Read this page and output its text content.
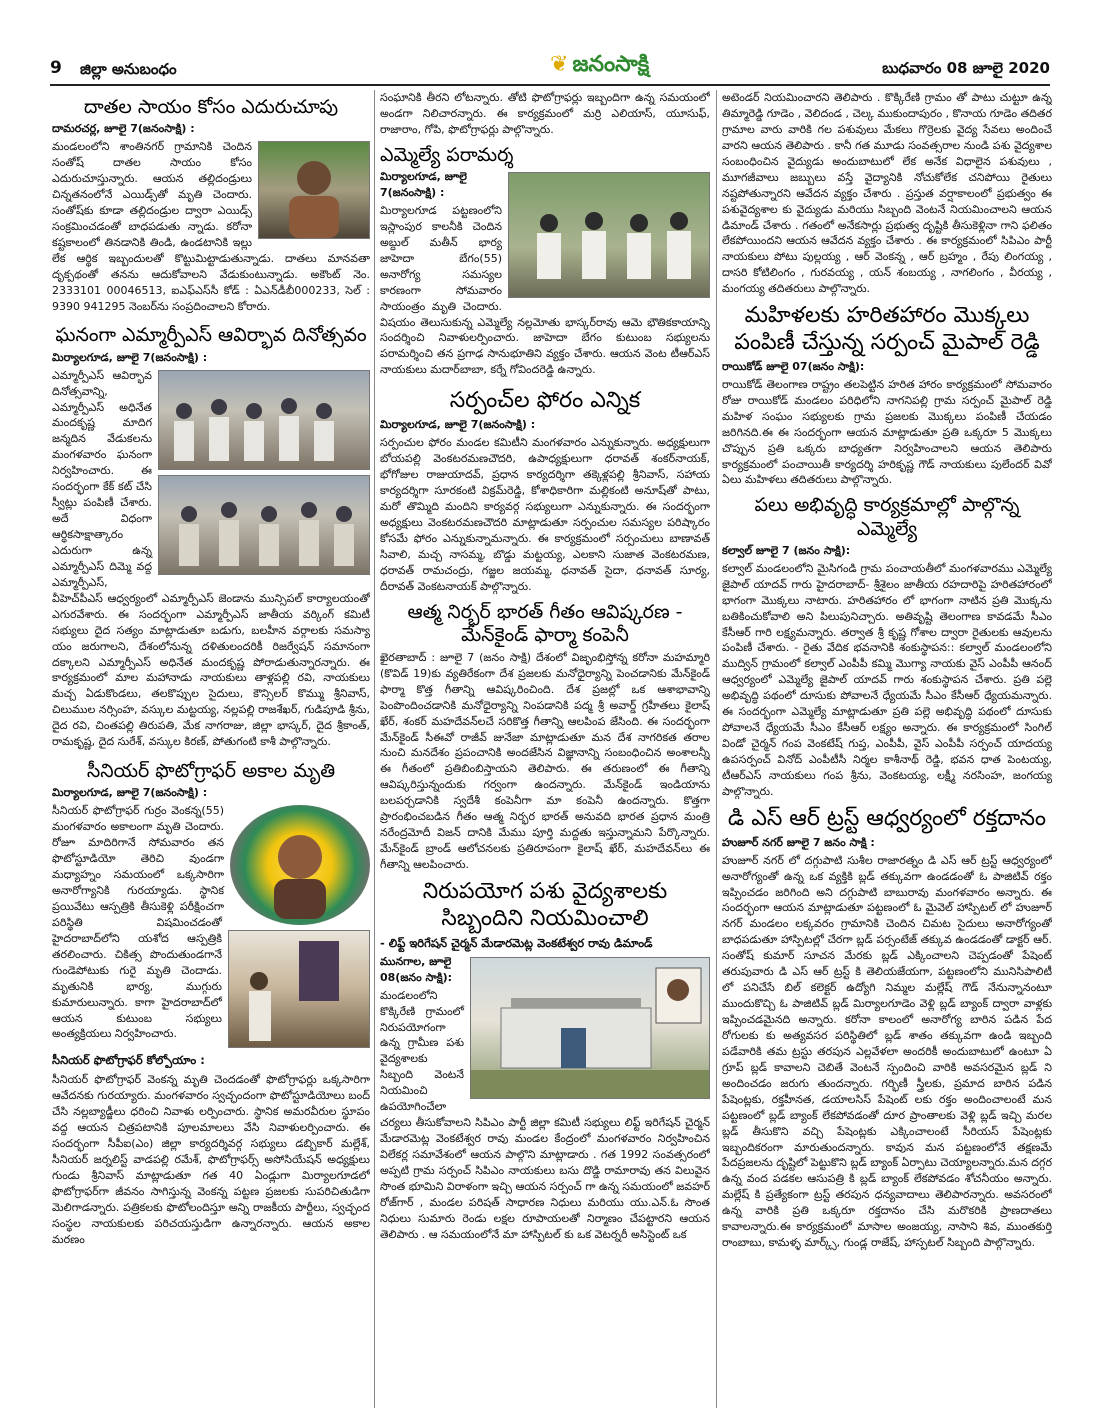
9 జిల్లా అనుబంధం	❦ జనంసాక్షి	బుధవారం 08 జూలై 2020
దాతల సాయం కోసం ఎదురుచూపు
దామరచర్ల, జూలై 7(జనంసాక్షి) :

మండలంలోని శాంతినగర్ గ్రామానికి చెందిన సంతోష్ దాతల సాయం కోసం ఎదురుచూస్తున్నారు. ఆయన తల్లిదండ్రులు చిన్నతనంలోనే ఎయిడ్స్‌తో మృతి చెందారు. సంతోష్‌కు కూడా తల్లిదండ్రుల ద్వారా ఎయిడ్స్ సంక్రమించడంతో బాధపడుతు న్నాడు. కరోనా కష్టకాలంలో తినడానికి తిండి, ఉండటానికి ఇల్లు లేక ఆర్థిక ఇబ్బందులతో కొట్టుమిట్టాడుతున్నాడు. దాతలు మానవతా దృక్పథంతో తనను ఆదుకోవాలని వేడుకుంటున్నాడు. అకౌంట్ నెం. 2333101 00046513, ఐఎఫ్ఎస్‌సీ కోడ్ : ఏఎన్‌డీబీ000233, సెల్ : 9390 941295 నెంబర్‌ను సంప్రదించాలని కోరారు.

ఘనంగా ఎమ్మార్పీఎస్ ఆవిర్భావ దినోత్సవం
మిర్యాలగూడ, జూలై 7(జనంసాక్షి) :

ఎమ్మార్పీఎస్ ఆవిర్భావ దినోత్సవాన్ని, ఎమ్మార్పీఎస్ అధినేత మందకృష్ణ మాదిగ జన్మదిన వేడుకలను మంగళవారం ఘనంగా నిర్వహించారు. ఈ సందర్భంగా కేక్ కట్ చేసి స్వీట్లు పంపిణీ చేశారు. అదే విధంగా ఆర్థికసాక్షాత్కారం ఎదురుగా ఉన్న ఎమ్మార్పీఎస్ దిమ్మె వద్ద ఎమ్మార్పీఎస్, వీహెచ్‌పీఎస్ ఆధ్వర్యంలో ఎమ్మార్పీఎస్ జెండాను మున్సిపల్ కార్యాలయంతో ఎగురవేశారు. ఈ సందర్భంగా ఎమ్మార్పీఎస్ జాతీయ వర్కింగ్ కమిటీ సభ్యులు దైద సత్యం మాట్లాడుతూ బడుగు, బలహీన వర్గాలకు సమస్యా యం జరుగాలని, దేశంలోనున్న దళితులందరికీ రిజర్వేషన్ సమానంగా దక్కాలని ఎమ్మార్పీఎస్ అధినేత మందకృష్ణ పోరాడుతున్నారన్నారు. ఈ కార్యక్రమంలో మాల మహానాడు నాయకులు తాళ్లపల్లి రవి, నాయకులు మచ్చ ఏడుకొండలు, తలకొప్పుల సైదులు, కౌన్సిలర్ కొమ్ము శ్రీనివాస్, చిలుముల నర్సింహ, వస్కుల మట్టయ్య, నల్లపల్లి రాజశేఖర్, గుడిపూడి శ్రీను, దైద రవి, చింతపల్లి తిరుపతి, మేక నాగరాజు, జిల్లా భాస్కర్, దైద శ్రీకాంత్, రామకృష్ణ, దైద సురేశ్, వస్కుల కిరణ్, పోతుగంటి కాశీ పాల్గొన్నారు.

సీనియర్ ఫొటోగ్రాఫర్ అకాల మృతి
మిర్యాలగూడ, జూలై 7(జనంసాక్షి) :

సీనియర్ ఫొటోగ్రాఫర్ గుర్రం వెంకన్న(55) మంగళవారం అకాలంగా మృతి చెందారు. రోజూ మాదిరిగానే సోమవారం తన ఫొటోస్టూడియో తెరిచి వుండగా మధ్యాహ్నం సమయంలో ఒక్కసారిగా అనారోగ్యానికి గురయ్యాడు. స్థానిక ప్రయివేటు ఆస్పత్రికి తీసుకెళ్లి పరీక్షించగా పరిస్థితి విషమించడంతో హైదరాబాద్‌లోని యశోద ఆస్పత్రికి తరలించారు. చికిత్స పొందుతుండగానే గుండెపోటుకు గురై మృతి చెందాడు. మృతునికి భార్య, ముగ్గురు కుమారులున్నారు. కాగా హైదరాబాద్‌లో ఆయన కుటుంబ సభ్యులు అంత్యక్రియలు నిర్వహించారు.

సీనియర్ ఫొటోగ్రాఫర్ కోల్పోయాం :

సీనియర్ ఫొటోగ్రాఫర్ వెంకన్న మృతి చెందడంతో ఫొటోగ్రాఫర్లు ఒక్కసారిగా ఆవేదనకు గురయ్యారు. మంగళవారం స్వచ్ఛందంగా ఫొటోస్టూడియోలు బంద్ చేసి నల్లబ్యాడ్జీలు ధరించి నివాళు లర్పించారు. స్థానిక అమరవీరుల స్థూపం వద్ద ఆయన చిత్రపటానికి పూలమాలలు వేసి నివాళులర్పించారు. ఈ సందర్భంగా సీపీఐ(ఎం) జిల్లా కార్యదర్శివర్గ సభ్యులు డబ్బికార్ మల్లేశ్, సీనియర్ జర్నలిస్ట్ వాడపల్లి రమేశ్, ఫొటోగ్రాఫర్స్ అసోసియేషన్ అధ్యక్షులు గుండు శ్రీనివాస్ మాట్లాడుతూ గత 40 ఏండ్లుగా మిర్యాలగూడలో ఫొటోగ్రాఫర్‌గా జీవనం సాగిస్తున్న వెంకన్న పట్టణ ప్రజలకు సుపరిచితుడిగా మెలిగాడన్నారు. పత్రికలకు ఫొటోలందిస్తూ అన్ని రాజకీయ పార్టీలు, స్వచ్ఛంద సంస్థల నాయకులకు పరిచయస్తుడిగా ఉన్నారన్నారు. ఆయన అకాల మరణం

సంఘానికి తీరని లోటన్నారు. తోటి ఫొటోగ్రాఫర్లు ఇబ్బందిగా ఉన్న సమయంలో అండగా నిలిచారన్నారు. ఈ కార్యక్రమంలో మర్రి ఎలియాస్, యూసుఫ్, రాజారాం, గోపి, ఫొటోగ్రాఫర్లు పాల్గొన్నారు.

ఎమ్మెల్యే పరామర్శ
మిర్యాలగూడ, జూలై 7(జనంసాక్షి) :

మిర్యాలగూడ పట్టణంలోని ఇస్లాంపుర కాలనీకి చెందిన అబ్దుల్ మతీన్ భార్య జాహెదా బేగం(55) అనారోగ్య సమస్యల కారణంగా సోమవారం సాయంత్రం మృతి చెందారు. విషయం తెలుసుకున్న ఎమ్మెల్యే నల్లమోతు భాస్కర్‌రావు ఆమె భౌతికకాయాన్ని సందర్శించి నివాళులర్పించారు. జాహెదా బేగం కుటుంబ సభ్యులను పరామర్శించి తన ప్రగాఢ సానుభూతిని వ్యక్తం చేశారు. ఆయన వెంట టీఆర్ఎస్ నాయకులు మదార్‌బాబా, కర్నే గోవిందరెడ్డి ఉన్నారు.

సర్పంచ్‌ల ఫోరం ఎన్నిక
మిర్యాలగూడ, జూలై 7(జనంసాక్షి) :

సర్పంచుల ఫోరం మండల కమిటీని మంగళవారం ఎన్నుకున్నారు. అధ్యక్షులుగా బోయపల్లి వెంకటరమణచౌదరి, ఉపాధ్యక్షులుగా ధరావత్ శంకర్‌నాయక్, భోగోజుల రాజుయాదవ్, ప్రధాన కార్యదర్శిగా తక్కెళ్లపల్లి శ్రీనివాస్, సహాయ కార్యదర్శిగా సూరకంటి విక్రమ్‌రెడ్డి, కోశాధికారిగా మల్లికంటి అనూష్‌తో పాటు, మరో తొమ్మిది మందిని కార్యవర్గ సభ్యులుగా ఎన్నుకున్నారు. ఈ సందర్భంగా అధ్యక్షులు వెంకటరమణచౌదరి మాట్లాడుతూ సర్పంచుల సమస్యల పరిష్కారం కోసమే ఫోరం ఎన్నుకున్నామన్నారు. ఈ కార్యక్రమంలో సర్పంచులు బాణావత్ సివాలి, మచ్చ నాసమ్మ, బొడ్డు మట్టయ్య, ఎలకాని సుజాత వెంకటరమణ, ధరావత్ రామచంద్రు, గజ్జల జయమ్మ, ధనావత్ సైదా, ధనావత్ సూర్య, దీరావత్ వెంకటనాయక్ పాల్గొన్నారు.

ఆత్మ నిర్భర్ భారత్ గీతం ఆవిష్కరణ - మేన్‌కైండ్ ఫార్మా కంపెనీ

ఖైరతాబాద్ : జూలై 7 (జనం సాక్షి) దేశంలో విజృంభిస్తోన్న కరోనా మహమ్మారి (కొవిడ్ 19)కు వ్యతిరేకంగా దేశ ప్రజలకు మనోధైర్యాన్ని పెంచడానికు మేన్‌కైండ్ ఫార్మా కొత్త గీతాన్ని ఆవిష్కరించింది. దేశ ప్రజల్లో ఒక ఆశాభావాన్ని పెంపొందించడానికి మనోధైర్యాన్ని నింపడానికి పద్మ శ్రీ అవార్డ్ గ్రహీతలు కైలాష్ ఖేర్, శంకర్ మహదేవన్‌లచే సరికొత్త గీతాన్ని ఆలపింప జేసింది. ఈ సందర్భంగా మేన్‌కైండ్ సీఈవో రాజీవ్ జునేజా మాట్లాడుతూ మన దేశ నాగరికత తరాల నుంచి మనదేశం ప్రపంచానికి అందజేసిన విజ్ఞానాన్ని సంబంధించిన అంశాలన్నీ ఈ గీతంలో ప్రతిబింబిస్తాయని తెలిపారు. ఈ తరుణంలో ఈ గీతాన్ని ఆవిష్కరిస్తున్నందుకు గర్వంగా ఉందన్నారు. మేన్‌కైండ్ ఇండియాను బలపర్చడానికి స్వదేశీ కంపెనీగా మా కంపెనీ ఉందన్నారు. కొత్తగా ప్రారంభించబడిన గీతం ఆత్మ నిర్భర భారత్ అనువది భారత ప్రధాన మంత్రి నరేంద్రమోదీ విజన్ దానికి మేము పూర్తి మద్దతు ఇస్తున్నామని పేర్కొన్నారు. మేన్‌కైండ్ బ్రాండ్ ఆలోచనలకు ప్రతిరూపంగా కైలాష్ ఖేర్, మహదేవన్‌లు ఈ గీతాన్ని ఆలపించారు.

నిరుపయోగ పశు వైద్యశాలకు సిబ్బందిని నియమించాలి
- లిఫ్ట్ ఇరిగేషన్ చైర్మన్ మేడారమెట్ల వెంకటేశ్వర రావు డిమాండ్
మునగాల, జూలై 08(జనం సాక్షి):

మండలంలోని కొక్కిరేణి గ్రామంలో నిరుపయోగంగా ఉన్న గ్రామీణ పశు వైద్యశాలకు సిబ్బంది వెంటనే నియమించి ఉపయోగించేలా చర్యలు తీసుకోవాలని సిపిఎం పార్టీ జిల్లా కమిటీ సభ్యులు లిఫ్ట్ ఇరిగేషన్ చైర్మన్ మేడారమెట్ల వెంకటేశ్వర రావు మండల కేంద్రంలో మంగళవారం నిర్వహించిన విలేకర్ల సమావేశంలో ఆయన పాల్గొని మాట్లాడారు . గత 1992 సంవత్సరంలో అప్పటి గ్రామ సర్పంచ్ సిపిఎం నాయకులు బసు దొడ్డి రామారావు తన విలువైన సొంత భూమిని విరాళంగా ఇచ్చి ఆయన సర్పంచ్ గా ఉన్న సమయంలో జవహర్ రోజ్‌గార్ , మండల పరిషత్ సాధారణ నిధులు మరియు యు.ఎన్.ఓ సొంత నిధులు సుమారు రెండు లక్షల రూపాయలతో నిర్మాణం చేపట్టారని ఆయన తెలిపారు . ఆ సమయంలోనే మా హాస్పిటల్ కు ఒక వెటర్నరీ అసిస్టెంట్ ఒక

అటెండర్ నియమించారని తెలిపారు . కొక్కిరేణి గ్రామం తో పాటు చుట్టూ ఉన్న తిమ్మారెడ్డి గూడెం , వెలిదండ , చెల్క ముకుందాపురం , కొనాయ గూడెం తదితర గ్రామాల వారు వారికి గల పశువులు మేకలు గొర్రెలకు వైద్య సేవలు అందించే వారని ఆయన తెలిపారు . కానీ గత మూడు సంవత్సరాల నుండి పశు వైద్యశాల సంబంధించిన వైద్యుడు అందుబాటులో లేక అనేక విధాలైన పశువులు , మూగజీవాలు జబ్బులు వస్తే వైద్యానికి నోచుకోలేక చనిపోయి రైతులు నష్టపోతున్నారని ఆవేదన వ్యక్తం చేశారు . ప్రస్తుత వర్షాకాలంలో ప్రభుత్వం ఈ పశువైద్యశాల కు వైద్యుడు మరియు సిబ్బంది వెంటనే నియమించాలని ఆయన డిమాండ్ చేశారు . గతంలో అనేకసార్లు ప్రభుత్వ దృష్టికి తీసుకెళ్లినా గాని ఫలితం లేకపోయిందని ఆయన ఆవేదన వ్యక్తం చేశారు . ఈ కార్యక్రమంలో సిపిఎం పార్టీ నాయకులు పోటు పుల్లయ్య , ఆర్ వెంకన్న , ఆర్ బ్రహ్మం , రేపు లింగయ్య , దాసరి కోటిలింగం , గురవయ్య , యన్ శంబయ్య , నాగలింగం , వీరయ్య , మంగయ్య తదితరులు పాల్గొన్నారు.

మహిళలకు హరితహారం మొక్కలు పంపిణీ చేస్తున్న సర్పంచ్ మైపాల్ రెడ్డి
రాయికోడ్ జూలై 07(జనం సాక్షి):

రాయికోడ్ తెలంగాణ రాష్ట్రం తలపెట్టిన హరిత హారం కార్యక్రమంలో సోమవారం రోజు రాయికోడ్ మండలం పరిధిలోని నాగనిపల్లి గ్రామ సర్పంచ్ మైపాల్ రెడ్డి మహిళ సంఘం సభ్యులకు గ్రామ ప్రజలకు మొక్కలు పంపిణీ చేయడం జరిగినది.ఈ ఈ సందర్భంగా ఆయన మాట్లాడుతూ ప్రతి ఒక్కరూ 5 మొక్కలు చొప్పున ప్రతి ఒక్కరు బాధ్యతగా నిర్వహించాలని ఆయన తెలిపారు కార్యక్రమంలో పంచాయితీ కార్యదర్శి హరికృష్ణ గౌడ్ నాయకులు పులేందర్ వివో ఏలు మహిళలు తదితరులు పాల్గొన్నారు.

పలు అభివృద్ధి కార్యక్రమాల్లో పాల్గొన్న ఎమ్మెల్యే
కల్వాల్ జూలై 7 (జనం సాక్షి):

కల్వాల్ మండలంలోని మైసిగండి గ్రామ పంచాయతీలో మంగళవారము ఎమ్మెల్యే జైపాల్ యాదవ్ గారు హైదరాబాద్- శ్రీశైలం జాతీయ రహదారిపై హరితహారంలో భాగంగా మొక్కలు నాటారు. హరితహారం లో భాగంగా నాటిన ప్రతి మొక్కను బతికించుకోవాలి అని పిలుపునిచ్చారు. అతివృష్టి తెలంగాణ కావడమే సీఎం కేసీఆర్ గారి లక్ష్యమన్నారు. తర్వాత శ్రీ కృష్ణ గోశాల ద్వారా రైతులకు ఆవులను పంపిణీ చేశారు. - రైతు వేదిక భవనానికి శంకుస్థాపన:: కల్వాల్ మండలంలోని ముద్విన్ గ్రామంలో కల్వాల్ ఎంపీపీ కమ్మి మొగ్యా నాయకు వైస్ ఎంపీపీ ఆనంద్ ఆధ్వర్యంలో ఎమ్మెల్యే జైపాల్ యాదవ్ గారు శంకుస్థాపన చేశారు. ప్రతి పల్లె అభివృద్ధి పథంలో దూసుకు పోవాలనే ధ్యేయమే సీఎం కేసీఆర్ ధ్యేయమన్నారు. ఈ సందర్భంగా ఎమ్మెల్యే మాట్లాడుతూ ప్రతి పల్లె అభివృద్ధి పథంలో దూసుకు పోవాలనే ధ్యేయమే సీఎం కేసీఆర్ లక్ష్యం అన్నారు. ఈ కార్యక్రమంలో సింగిల్ విండో చైర్మన్ గంప వెంకటేష్ గుప్త, ఎంపీపీ, వైస్ ఎంపీపీ సర్పంచ్ యాదయ్య ఉపసర్పంచ్ వినోద్ ఎంపీటీసీ నిర్మల కాశీనాథ్ రెడ్డి, భవన ధాత పెంటయ్య, టీఆర్ఎస్ నాయకులు గంప శ్రీను, వెంకటయ్య, లక్ష్మీ నరసింహ, జంగయ్య పాల్గొన్నారు.

డి ఎస్ ఆర్ ట్రస్ట్ ఆధ్వర్యంలో రక్తదానం
హుజూర్ నగర్ జూలై 7 జనం సాక్షి :

హుజూర్ నగర్ లో దగ్గుపాటి సుశీల రాజారత్నం డి ఎస్ ఆర్ ట్రస్ట్ ఆధ్వర్యంలో అనారోగ్యంతో ఉన్న ఒక వ్యక్తికి బ్లడ్ తక్కువగా ఉండడంతో ఓ పాజిటివ్ రక్తం ఇప్పించడం జరిగింది అని దగ్గుపాటి బాబురావు మంగళవారం అన్నారు. ఈ సందర్భంగా ఆయన మాట్లాడుతూ పట్టణంలో ఓ మైవెల్ హాస్పిటల్ లో హుజూర్ నగర్ మండలం లక్కవరం గ్రామానికి చెందిన చిమట సైదులు అనారోగ్యంతో బాధపడుతూ హాస్పిటల్లో చేరగా బ్లడ్ పర్సంటేజ్ తక్కువ ఉండడంతో డాక్టర్ ఆర్. సంతోష్ కుమార్ సూచన మేరకు బ్లడ్ ఎక్కించాలని చెప్పడంతో పేషెంట్ తరుపువారు డి ఎస్ ఆర్ ట్రస్ట్ కి తెలియజేయగా, పట్టణంలోని మునిసిపాలిటీ లో పనిచేసే బిల్ కలెక్టర్ ఉద్యోగి నిమ్మల మల్లేష్ గౌడ్ నేనున్నానంటూ ముందుకొచ్చి ఓ పాజిటివ్ బ్లడ్ మిర్యాలగూడెం వెళ్లి బ్లడ్ బ్యాంక్ ద్వారా వాళ్లకు ఇప్పించడమైనది అన్నారు. కరోనా కాలంలో అనారోగ్య బారిన పడిన పేద రోగులకు కు అత్యవసర పరిస్థితిలో బ్లడ్ శాతం తక్కువగా ఉండి ఇబ్బంది పడేవారికి తమ ట్రస్టు తరపున ఎల్లవేళలా అందరికీ అందుబాటులో ఉంటూ ఏ గ్రూప్ బ్లడ్ కావాలని చెబితే వెంటనే స్పందించి వారికి అవసరమైన బ్లడ్ ని అందించడం జరుగు తుందన్నారు. గర్భిణీ స్త్రీలకు, ప్రమాద బారిన పడిన పేషెంట్లకు, రక్తహీనత, డయాలసిస్ పేషెంట్ లకు రక్తం అందించాలంటే మన పట్టణంలో బ్లడ్ బ్యాంక్ లేకపోవడంతో దూర ప్రాంతాలకు వెళ్లి బ్లడ్ ఇచ్చి మరల బ్లడ్ తీసుకొని వచ్చి పేషెంట్లకు ఎక్కించాలంటే సీరియస్ పేషెంట్లకు ఇబ్బందికరంగా మారుతుందన్నారు. కావున మన పట్టణంలోనే తక్షణమే పేదప్రజలను దృష్టిలో పెట్టుకొని బ్లడ్ బ్యాంక్ ఏర్పాటు చెయ్యాలన్నారు.మన దగ్గర ఉన్న వంద పడకల ఆసుపత్రి కి బ్లడ్ బ్యాంక్ లేకపోవడం శోచనీయం అన్నారు. మల్లేష్ కి ప్రత్యేకంగా ట్రస్ట్ తరపున ధన్యవాదాలు తెలిపారన్నారు. అవసరంలో ఉన్న వారికి ప్రతి ఒక్కరూ రక్తదానం చేసి మరొకరికి ప్రాణదాతలు కావాలన్నారు.ఈ కార్యక్రమంలో మాసాల అంజయ్య, నాసాని శివ, ముంతకుర్తి రాంబాబు, కామళ్ళ మార్క్స్, గుండ్ల రాజేష్, హాస్పటల్ సిబ్బంది పాల్గొన్నారు.
